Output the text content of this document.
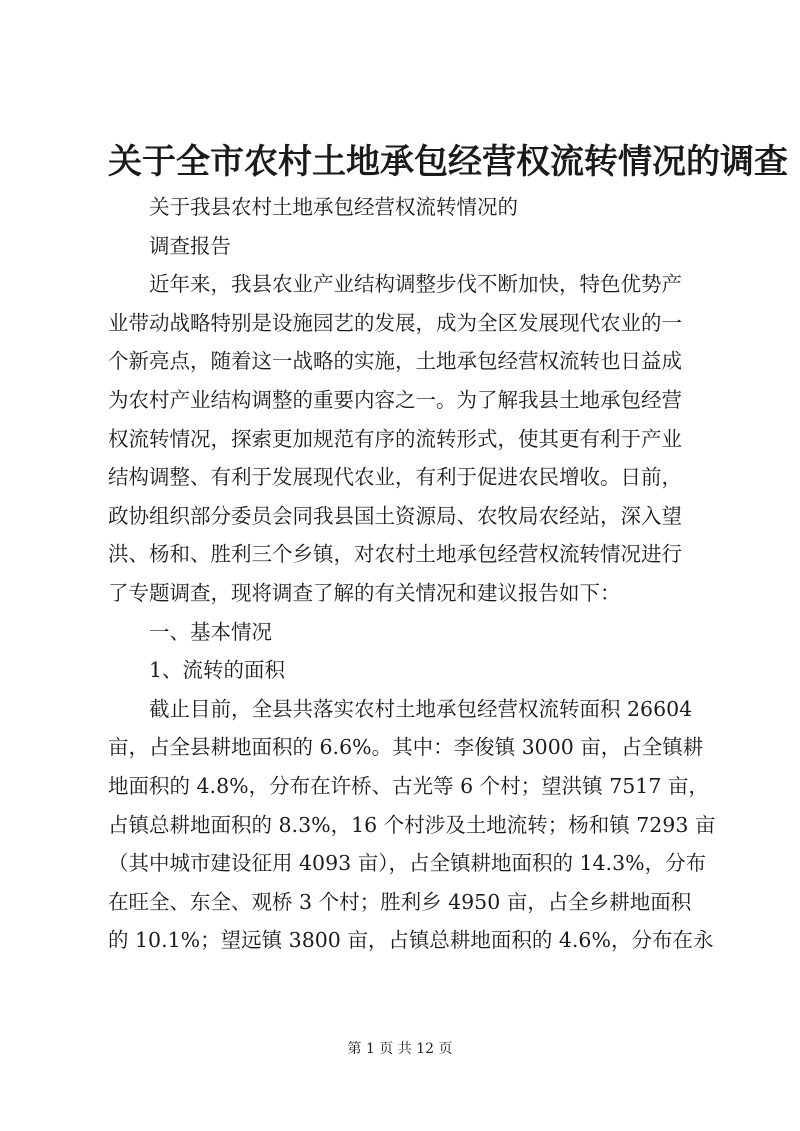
关于全市农村土地承包经营权流转情况的调查
关于我县农村土地承包经营权流转情况的
调查报告
近年来，我县农业产业结构调整步伐不断加快，特色优势产
业带动战略特别是设施园艺的发展，成为全区发展现代农业的一
个新亮点，随着这一战略的实施，土地承包经营权流转也日益成
为农村产业结构调整的重要内容之一。为了解我县土地承包经营
权流转情况，探索更加规范有序的流转形式，使其更有利于产业
结构调整、有利于发展现代农业，有利于促进农民增收。日前，
政协组织部分委员会同我县国土资源局、农牧局农经站，深入望
洪、杨和、胜利三个乡镇，对农村土地承包经营权流转情况进行
了专题调查，现将调查了解的有关情况和建议报告如下：
一、基本情况
1、流转的面积
截止目前，全县共落实农村土地承包经营权流转面积 26604
亩，占全县耕地面积的 6.6%。其中：李俊镇 3000 亩，占全镇耕
地面积的 4.8%，分布在许桥、古光等 6 个村；望洪镇 7517 亩，
占镇总耕地面积的 8.3%，16 个村涉及土地流转；杨和镇 7293 亩
（其中城市建设征用 4093 亩），占全镇耕地面积的 14.3%，分布
在旺全、东全、观桥 3 个村；胜利乡 4950 亩，占全乡耕地面积
的 10.1%；望远镇 3800 亩，占镇总耕地面积的 4.6%，分布在永
第 1 页 共 12 页
